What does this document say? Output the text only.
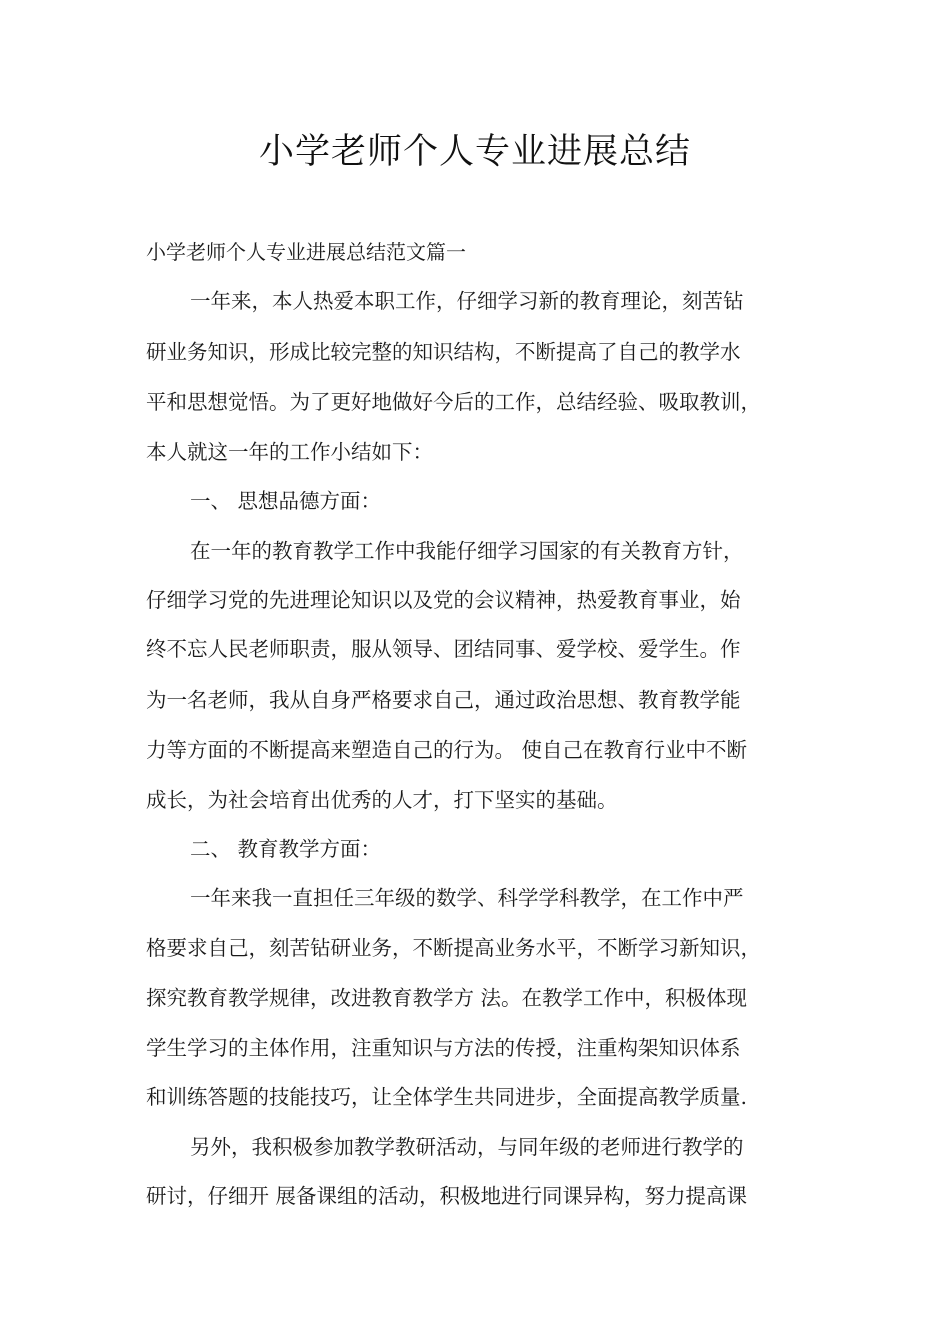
小学老师个人专业进展总结

小学老师个人专业进展总结范文篇一

一年来，本人热爱本职工作，仔细学习新的教育理论，刻苦钻

研业务知识，形成比较完整的知识结构，不断提高了自己的教学水

平和思想觉悟。为了更好地做好今后的工作，总结经验、吸取教训，

本人就这一年的工作小结如下：

一、 思想品德方面：

在一年的教育教学工作中我能仔细学习国家的有关教育方针，

仔细学习党的先进理论知识以及党的会议精神，热爱教育事业，始

终不忘人民老师职责，服从领导、团结同事、爱学校、爱学生。作

为一名老师，我从自身严格要求自己，通过政治思想、教育教学能

力等方面的不断提高来塑造自己的行为。 使自己在教育行业中不断

成长，为社会培育出优秀的人才，打下坚实的基础。

二、 教育教学方面：

一年来我一直担任三年级的数学、科学学科教学，在工作中严

格要求自己，刻苦钻研业务，不断提高业务水平，不断学习新知识，

探究教育教学规律，改进教育教学方 法。在教学工作中，积极体现

学生学习的主体作用，注重知识与方法的传授，注重构架知识体系

和训练答题的技能技巧，让全体学生共同进步，全面提高教学质量.

另外，我积极参加教学教研活动，与同年级的老师进行教学的

研讨，仔细开 展备课组的活动，积极地进行同课异构，努力提高课
